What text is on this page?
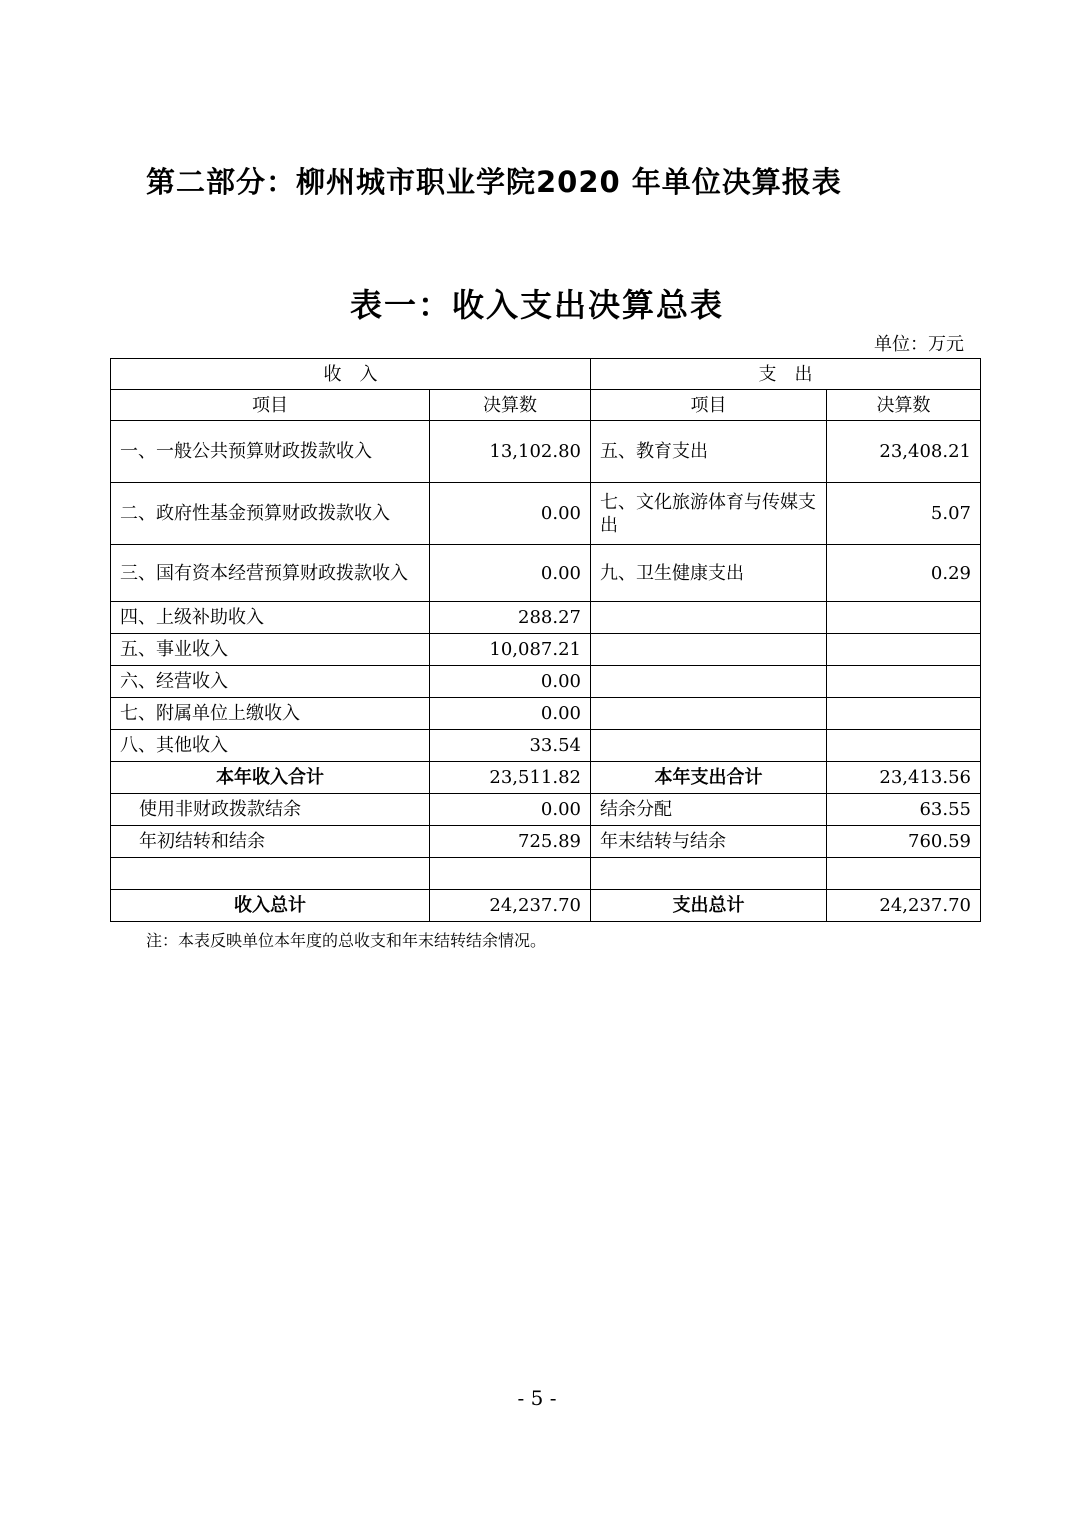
第二部分：柳州城市职业学院2020 年单位决算报表
表一：收入支出决算总表
单位：万元
收　入		支　出	
项目	决算数	项目	决算数
一、一般公共预算财政拨款收入	13,102.80	五、教育支出	23,408.21
二、政府性基金预算财政拨款收入	0.00	七、文化旅游体育与传媒支出	5.07
三、国有资本经营预算财政拨款收入	0.00	九、卫生健康支出	0.29
四、上级补助收入	288.27		
五、事业收入	10,087.21		
六、经营收入	0.00		
七、附属单位上缴收入	0.00		
八、其他收入	33.54		
本年收入合计	23,511.82	本年支出合计	23,413.56
使用非财政拨款结余	0.00	结余分配	63.55
年初结转和结余	725.89	年末结转与结余	760.59

收入总计	24,237.70	支出总计	24,237.70
注：本表反映单位本年度的总收支和年末结转结余情况。
- 5 -
